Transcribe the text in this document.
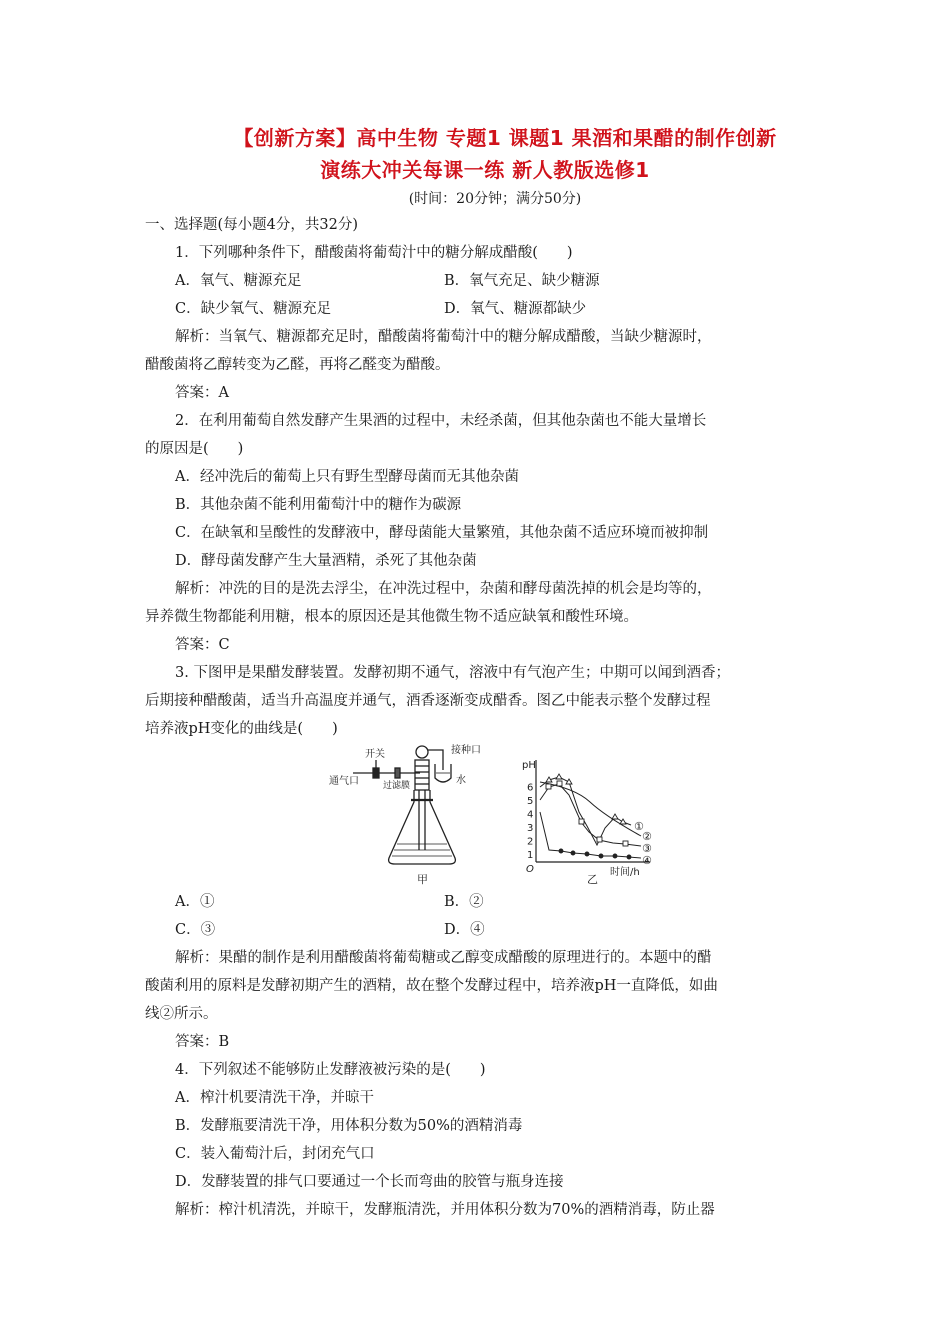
【创新方案】高中生物 专题1 课题1 果酒和果醋的制作创新
演练大冲关每课一练 新人教版选修1
(时间：20分钟；满分50分)
一、选择题(每小题4分，共32分)
1．下列哪种条件下，醋酸菌将葡萄汁中的糖分解成醋酸(　　)
A．氧气、糖源充足	B．氧气充足、缺少糖源
C．缺少氧气、糖源充足	D．氧气、糖源都缺少
解析：当氧气、糖源都充足时，醋酸菌将葡萄汁中的糖分解成醋酸，当缺少糖源时，
醋酸菌将乙醇转变为乙醛，再将乙醛变为醋酸。
答案：A
2．在利用葡萄自然发酵产生果酒的过程中，未经杀菌，但其他杂菌也不能大量增长
的原因是(　　)
A．经冲洗后的葡萄上只有野生型酵母菌而无其他杂菌
B．其他杂菌不能利用葡萄汁中的糖作为碳源
C．在缺氧和呈酸性的发酵液中，酵母菌能大量繁殖，其他杂菌不适应环境而被抑制
D．酵母菌发酵产生大量酒精，杀死了其他杂菌
解析：冲洗的目的是洗去浮尘，在冲洗过程中，杂菌和酵母菌洗掉的机会是均等的，
异养微生物都能利用糖，根本的原因还是其他微生物不适应缺氧和酸性环境。
答案：C
3. 下图甲是果醋发酵装置。发酵初期不通气，溶液中有气泡产生；中期可以闻到酒香；
后期接种醋酸菌，适当升高温度并通气，酒香逐渐变成醋香。图乙中能表示整个发酵过程
培养液pH变化的曲线是(　　)
开关
通气口	过滤膜
接种口
水
甲
pH
O	时间/h
乙
1
2
3
4
5
6
①
②
③
④
A．①	B．②
C．③	D．④
解析：果醋的制作是利用醋酸菌将葡萄糖或乙醇变成醋酸的原理进行的。本题中的醋
酸菌利用的原料是发酵初期产生的酒精，故在整个发酵过程中，培养液pH一直降低，如曲
线②所示。
答案：B
4．下列叙述不能够防止发酵液被污染的是(　　)
A．榨汁机要清洗干净，并晾干
B．发酵瓶要清洗干净，用体积分数为50%的酒精消毒
C．装入葡萄汁后，封闭充气口
D．发酵装置的排气口要通过一个长而弯曲的胶管与瓶身连接
解析：榨汁机清洗，并晾干，发酵瓶清洗，并用体积分数为70%的酒精消毒，防止器
